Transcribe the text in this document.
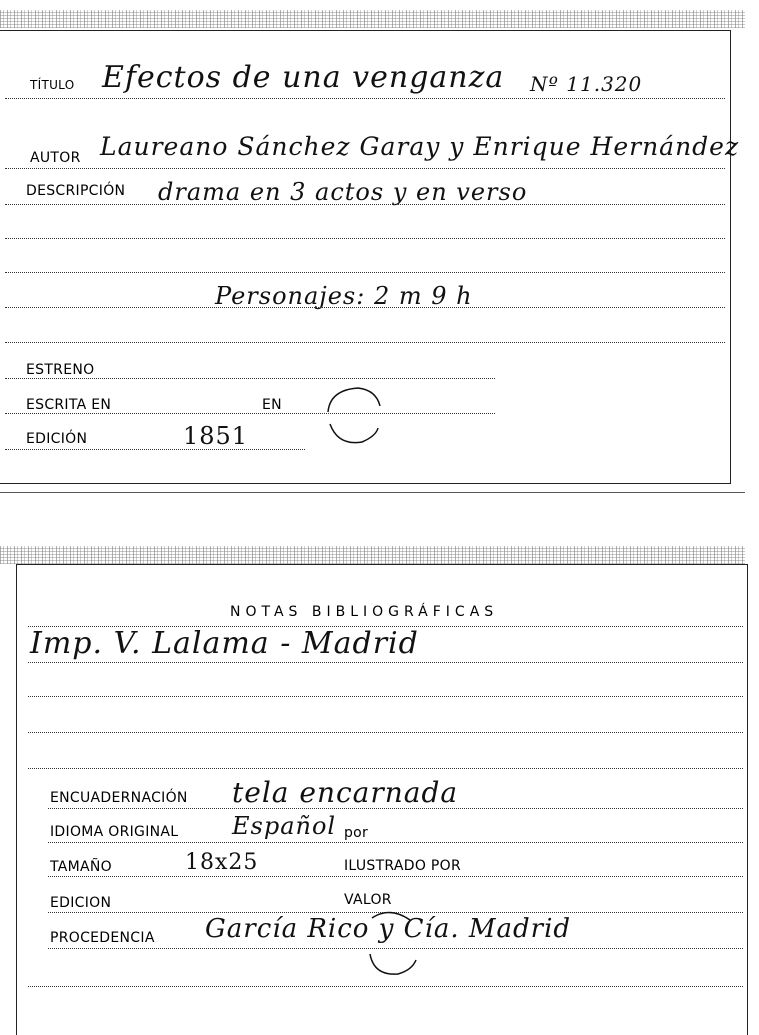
TÍTULO Efectos de una venganza Nº 11.320
AUTOR Laureano Sánchez Garay y Enrique Hernández
DESCRIPCIÓN drama en 3 actos y en verso
Personajes: 2 m 9 h
ESTRENO
ESCRITA EN	EN
EDICIÓN	1851
NOTAS BIBLIOGRÁFICAS
Imp. V. Lalama - Madrid
ENCUADERNACIÓN tela encarnada
IDIOMA ORIGINAL Español por
TAMAÑO	18x25	ILUSTRADO POR
EDICION	VALOR
PROCEDENCIA García Rico y Cía. Madrid
